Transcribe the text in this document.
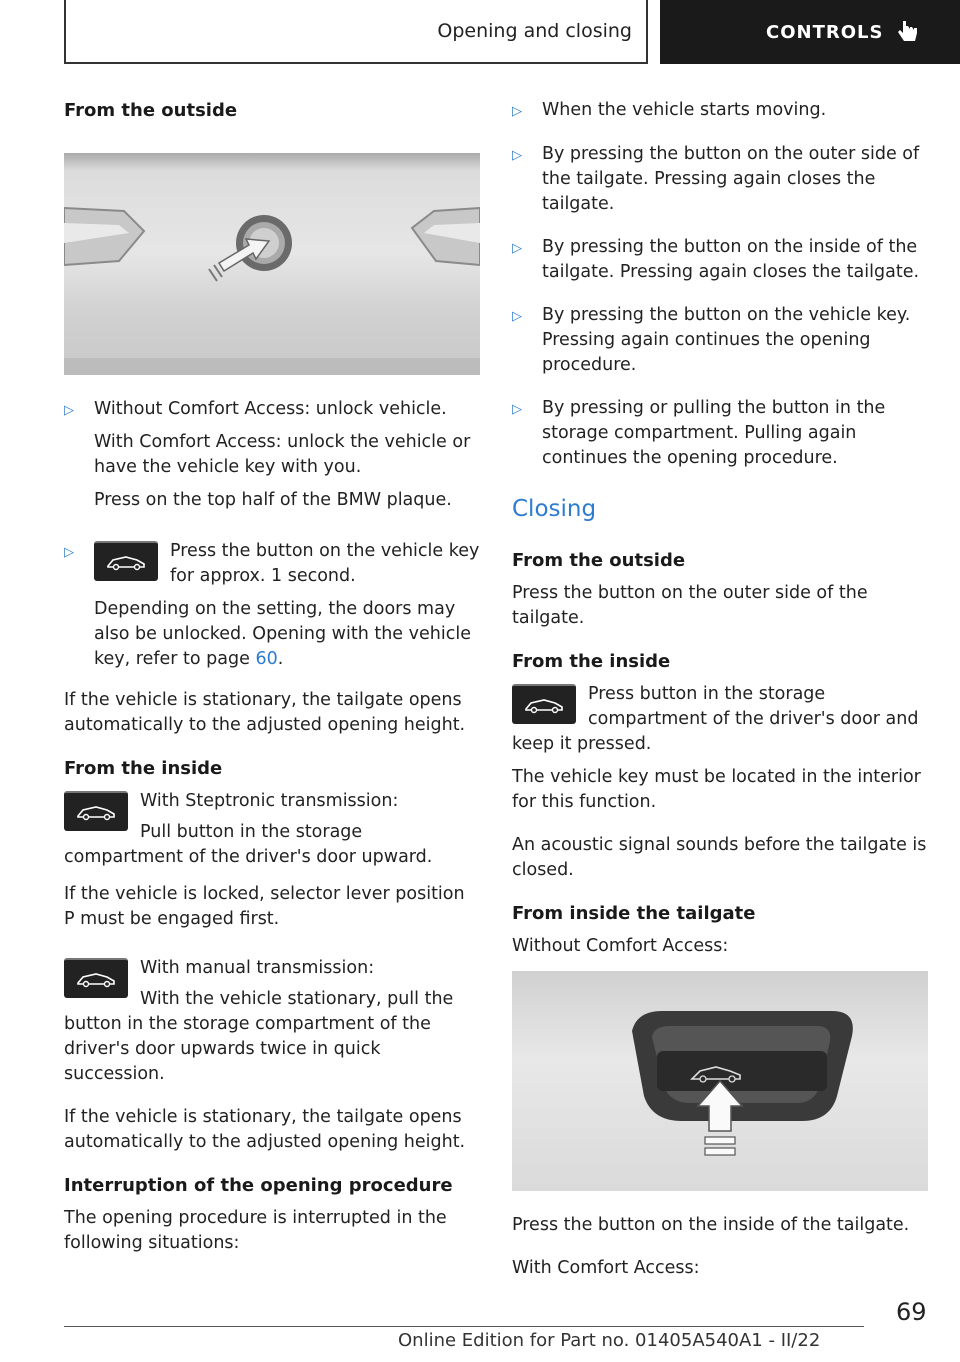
Opening and closing	CONTROLS
From the outside
▷	Without Comfort Access: unlock vehicle.

With Comfort Access: unlock the vehicle or have the vehicle key with you.

Press on the top half of the BMW plaque.

▷	Press the button on the vehicle key for approx. 1 second.

Depending on the setting, the doors may also be unlocked. Opening with the vehicle key, refer to page 60.

If the vehicle is stationary, the tailgate opens automatically to the adjusted opening height.

From the inside

With Steptronic transmission:

Pull button in the storage compartment of the driver's door upward.

If the vehicle is locked, selector lever position P must be engaged first.

With manual transmission:

With the vehicle stationary, pull the button in the storage compartment of the driver's door upwards twice in quick succession.

If the vehicle is stationary, the tailgate opens automatically to the adjusted opening height.

Interruption of the opening procedure

The opening procedure is interrupted in the following situations:

▷	When the vehicle starts moving.
▷	By pressing the button on the outer side of the tailgate. Pressing again closes the tailgate.
▷	By pressing the button on the inside of the tailgate. Pressing again closes the tailgate.
▷	By pressing the button on the vehicle key. Pressing again continues the opening procedure.
▷	By pressing or pulling the button in the storage compartment. Pulling again continues the opening procedure.
Closing
From the outside

Press the button on the outer side of the tailgate.

From the inside

Press button in the storage compartment of the driver's door and keep it pressed.

The vehicle key must be located in the interior for this function.

An acoustic signal sounds before the tailgate is closed.

From inside the tailgate

Without Comfort Access:

Press the button on the inside of the tailgate.

With Comfort Access:

69
Online Edition for Part no. 01405A540A1 - II/22
